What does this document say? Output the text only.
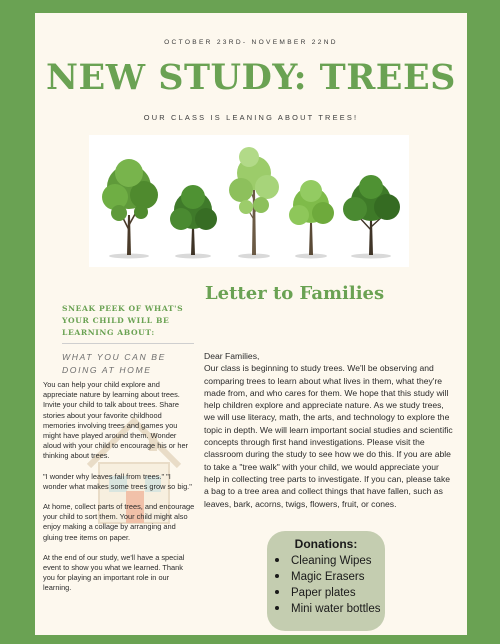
OCTOBER 23RD- NOVEMBER 22ND
NEW STUDY: TREES
OUR CLASS IS LEANING ABOUT TREES!
SNEAK PEEK OF WHAT'S YOUR CHILD WILL BE LEARNING ABOUT:
WHAT YOU CAN BE DOING AT HOME

You can help your child explore and appreciate nature by learning about trees. Invite your child to talk about trees. Share stories about your favorite childhood memories involving trees and games you might have played around them. Wonder aloud with your child to encourage his or her thinking about trees.

"I wonder why leaves fall from trees." "I wonder what makes some trees grow so big."

At home, collect parts of trees, and encourage your child to sort them. Your child might also enjoy making a collage by arranging and gluing tree items on paper.

At the end of our study, we'll have a special event to show you what we learned. Thank you for playing an important role in our learning.

Letter to Families
Dear Families,
Our class is beginning to study trees. We'll be observing and comparing trees to learn about what lives in them, what they're made from, and who cares for them. We hope that this study will help children explore and appreciate nature. As we study trees, we will use literacy, math, the arts, and technology to explore the topic in depth. We will learn important social studies and scientific concepts through first hand investigations. Please visit the classroom during the study to see how we do this. If you are able to take a "tree walk" with your child, we would appreciate your help in collecting tree parts to investigate. If you can, please take a bag to a tree area and collect things that have fallen, such as leaves, bark, acorns, twigs, flowers, fruit, or cones.
Donations:
Cleaning Wipes
Magic Erasers
Paper plates
Mini water bottles
